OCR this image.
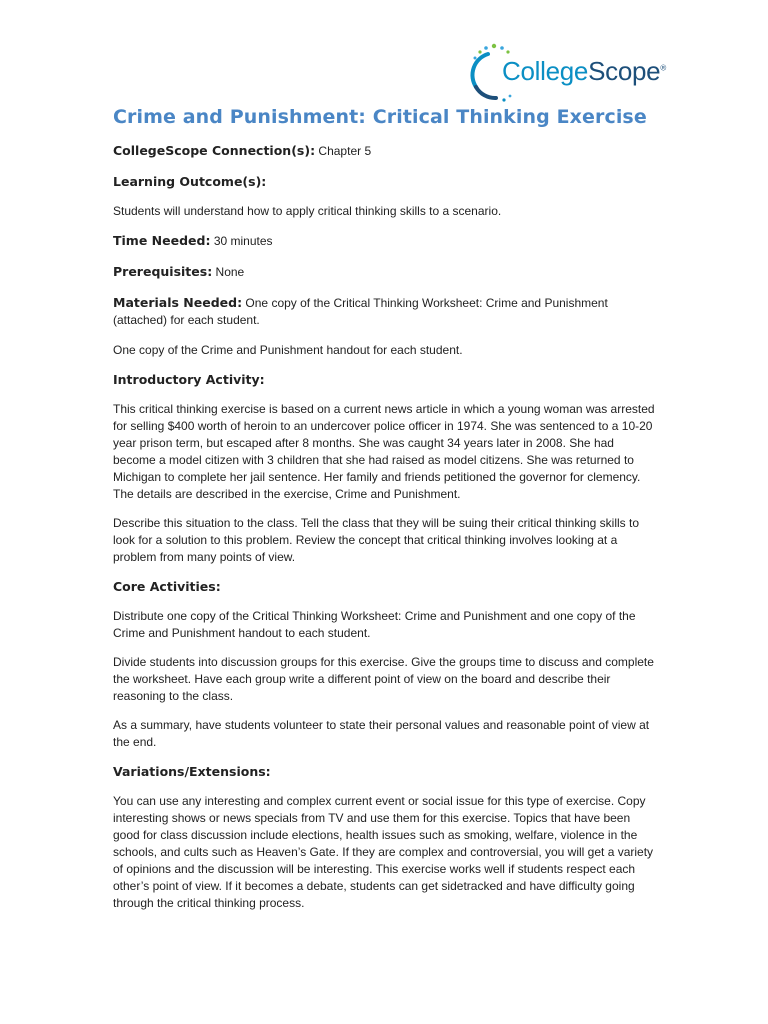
CollegeScope®
Crime and Punishment: Critical Thinking Exercise
CollegeScope Connection(s): Chapter 5
Learning Outcome(s):

Students will understand how to apply critical thinking skills to a scenario.

Time Needed: 30 minutes
Prerequisites: None
Materials Needed: One copy of the Critical Thinking Worksheet: Crime and Punishment (attached) for each student.

One copy of the Crime and Punishment handout for each student.

Introductory Activity:

This critical thinking exercise is based on a current news article in which a young woman was arrested for selling $400 worth of heroin to an undercover police officer in 1974. She was sentenced to a 10-20 year prison term, but escaped after 8 months. She was caught 34 years later in 2008. She had become a model citizen with 3 children that she had raised as model citizens. She was returned to Michigan to complete her jail sentence. Her family and friends petitioned the governor for clemency. The details are described in the exercise, Crime and Punishment.

Describe this situation to the class. Tell the class that they will be suing their critical thinking skills to look for a solution to this problem. Review the concept that critical thinking involves looking at a problem from many points of view.

Core Activities:

Distribute one copy of the Critical Thinking Worksheet: Crime and Punishment and one copy of the Crime and Punishment handout to each student.

Divide students into discussion groups for this exercise. Give the groups time to discuss and complete the worksheet. Have each group write a different point of view on the board and describe their reasoning to the class.

As a summary, have students volunteer to state their personal values and reasonable point of view at the end.

Variations/Extensions:

You can use any interesting and complex current event or social issue for this type of exercise. Copy interesting shows or news specials from TV and use them for this exercise. Topics that have been good for class discussion include elections, health issues such as smoking, welfare, violence in the schools, and cults such as Heaven’s Gate. If they are complex and controversial, you will get a variety of opinions and the discussion will be interesting. This exercise works well if students respect each other’s point of view. If it becomes a debate, students can get sidetracked and have difficulty going through the critical thinking process.
